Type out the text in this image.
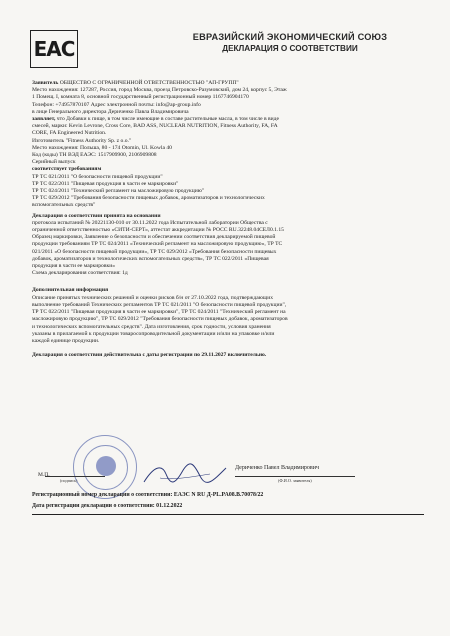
EAC	ЕВРАЗИЙСКИЙ ЭКОНОМИЧЕСКИЙ СОЮЗ
ДЕКЛАРАЦИЯ О СООТВЕТСТВИИ

Заявитель ОБЩЕСТВО С ОГРАНИЧЕННОЙ ОТВЕТСТВЕННОСТЬЮ "АП-ГРУПП"

Место нахождения: 127287, Россия, город Москва, проезд Петровско-Разумовский, дом 24, корпус 5, Этаж

1 Помещ. I, комната 8, основной государственный регистрационный номер 1167746904170

Телефон: +74957870107 Адрес электронной почты: info@ap-group.info

в лице Генерального директора Дериченко Павла Владимировича

заявляет, что Добавки к пище, в том числе имеющие в составе растительные масла, в том числе в виде

смесей, марки: Kevin Levrone, Cross Core, BAD ASS, NUCLEAR NUTRITION, Fitness Authority, FA, FA

CORE, FA Engineered Nutrition.

Изготовитель "Fitness Authority Sp. z o.o."

Место нахождения: Польша, 80 - 174 Otomin, Ul. Kowla 40

Код (коды) ТН ВЭД ЕАЭС: 1517909900, 2106909808

Серийный выпуск

соответствует требованиям

ТР ТС 021/2011 "О безопасности пищевой продукции"

ТР ТС 022/2011 "Пищевая продукция в части ее маркировки"

ТР ТС 024/2011 "Технический регламент на масложировую продукцию"

ТР ТС 029/2012 "Требования безопасности пищевых добавок, ароматизаторов и технологических

вспомогательных средств"

Декларация о соответствии принята на основании

протокола испытаний № 20221130-010 от 30.11.2022 года Испытательной лаборатории Общества с

ограниченной ответственностью «СИТИ-СЕРТ», аттестат аккредитации № РОСС RU.32248.04СЕЛ0.1.15

Образец маркировки, Заявление о безопасности и обеспечении соответствия декларируемой пищевой

продукции требованиям ТР ТС 024/2011 «Технический регламент на масложировую продукцию», ТР ТС

021/2011 «О безопасности пищевой продукции», ТР ТС 029/2012 «Требования безопасности пищевых

добавок, ароматизаторов и технологических вспомогательных средств», ТР ТС 022/2011 «Пищевая

продукция в части ее маркировки»

Схема декларирования соответствия: 1д

Дополнительная информация

Описание принятых технических решений и оценки рисков б/н от 27.10.2022 года, подтверждающих

выполнение требований Технических регламентов ТР ТС 021/2011 "О безопасности пищевой продукции",

ТР ТС 022/2011 "Пищевая продукция в части ее маркировки", ТР ТС 024/2011 "Технический регламент на

масложировую продукцию", ТР ТС 029/2012 "Требования безопасности пищевых добавок, ароматизаторов

и технологических вспомогательных средств". Дата изготовления, срок годности, условия хранения

указаны в прилагаемой к продукции товаросопроводительной документации и/или на упаковке и/или

каждой единице продукции.

Декларация о соответствии действительна с даты регистрации по 29.11.2027 включительно.

(подпись)
M.П.
Дериченко Павел Владимирович
(Ф.И.О. заявителя)

Регистрационный номер декларации о соответствии: ЕАЭС N RU Д-PL.PA08.B.70078/22

Дата регистрации декларации о соответствии: 01.12.2022
